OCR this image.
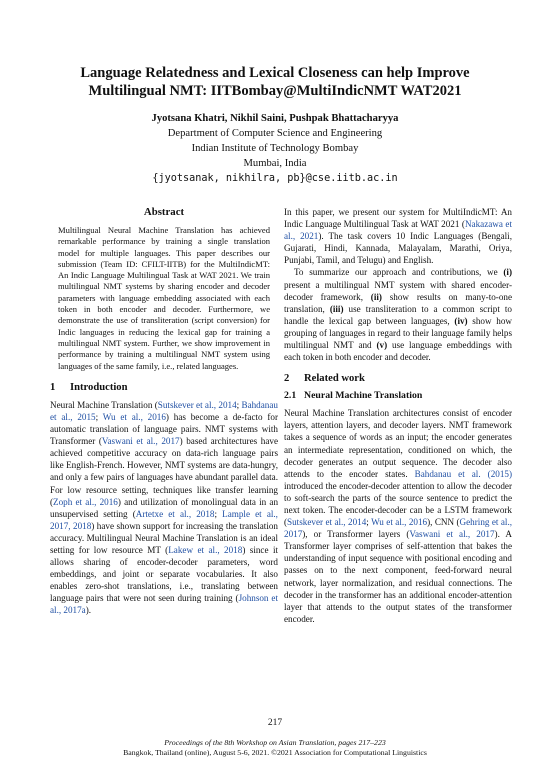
Language Relatedness and Lexical Closeness can help Improve
Multilingual NMT: IITBombay@MultiIndicNMT WAT2021
Jyotsana Khatri, Nikhil Saini, Pushpak Bhattacharyya
Department of Computer Science and Engineering
Indian Institute of Technology Bombay
Mumbai, India
{jyotsanak, nikhilra, pb}@cse.iitb.ac.in
Abstract
Multilingual Neural Machine Translation has achieved remarkable performance by training a single translation model for multiple languages. This paper describes our submission (Team ID: CFILT-IITB) for the MultiIndicMT: An Indic Language Multilingual Task at WAT 2021. We train multilingual NMT systems by sharing encoder and decoder parameters with language embedding associated with each token in both encoder and decoder. Furthermore, we demonstrate the use of transliteration (script conversion) for Indic languages in reducing the lexical gap for training a multilingual NMT system. Further, we show improvement in performance by training a multilingual NMT system using languages of the same family, i.e., related languages.
1 Introduction

Neural Machine Translation (Sutskever et al., 2014; Bahdanau et al., 2015; Wu et al., 2016) has become a de-facto for automatic translation of language pairs. NMT systems with Transformer (Vaswani et al., 2017) based architectures have achieved competitive accuracy on data-rich language pairs like English-French. However, NMT systems are data-hungry, and only a few pairs of languages have abundant parallel data. For low resource setting, techniques like transfer learning (Zoph et al., 2016) and utilization of monolingual data in an unsupervised setting (Artetxe et al., 2018; Lample et al., 2017, 2018) have shown support for increasing the translation accuracy. Multilingual Neural Machine Translation is an ideal setting for low resource MT (Lakew et al., 2018) since it allows sharing of encoder-decoder parameters, word embeddings, and joint or separate vocabularies. It also enables zero-shot translations, i.e., translating between language pairs that were not seen during training (Johnson et al., 2017a).

In this paper, we present our system for MultiIndicMT: An Indic Language Multilingual Task at WAT 2021 (Nakazawa et al., 2021). The task covers 10 Indic Languages (Bengali, Gujarati, Hindi, Kannada, Malayalam, Marathi, Oriya, Punjabi, Tamil, and Telugu) and English.

To summarize our approach and contributions, we (i) present a multilingual NMT system with shared encoder-decoder framework, (ii) show results on many-to-one translation, (iii) use transliteration to a common script to handle the lexical gap between languages, (iv) show how grouping of languages in regard to their language family helps multilingual NMT and (v) use language embeddings with each token in both encoder and decoder.

2 Related work
2.1 Neural Machine Translation

Neural Machine Translation architectures consist of encoder layers, attention layers, and decoder layers. NMT framework takes a sequence of words as an input; the encoder generates an intermediate representation, conditioned on which, the decoder generates an output sequence. The decoder also attends to the encoder states. Bahdanau et al. (2015) introduced the encoder-decoder attention to allow the decoder to soft-search the parts of the source sentence to predict the next token. The encoder-decoder can be a LSTM framework (Sutskever et al., 2014; Wu et al., 2016), CNN (Gehring et al., 2017), or Transformer layers (Vaswani et al., 2017). A Transformer layer comprises of self-attention that bakes the understanding of input sequence with positional encoding and passes on to the next component, feed-forward neural network, layer normalization, and residual connections. The decoder in the transformer has an additional encoder-attention layer that attends to the output states of the transformer encoder.

217
Proceedings of the 8th Workshop on Asian Translation, pages 217–223
Bangkok, Thailand (online), August 5-6, 2021. ©2021 Association for Computational Linguistics
